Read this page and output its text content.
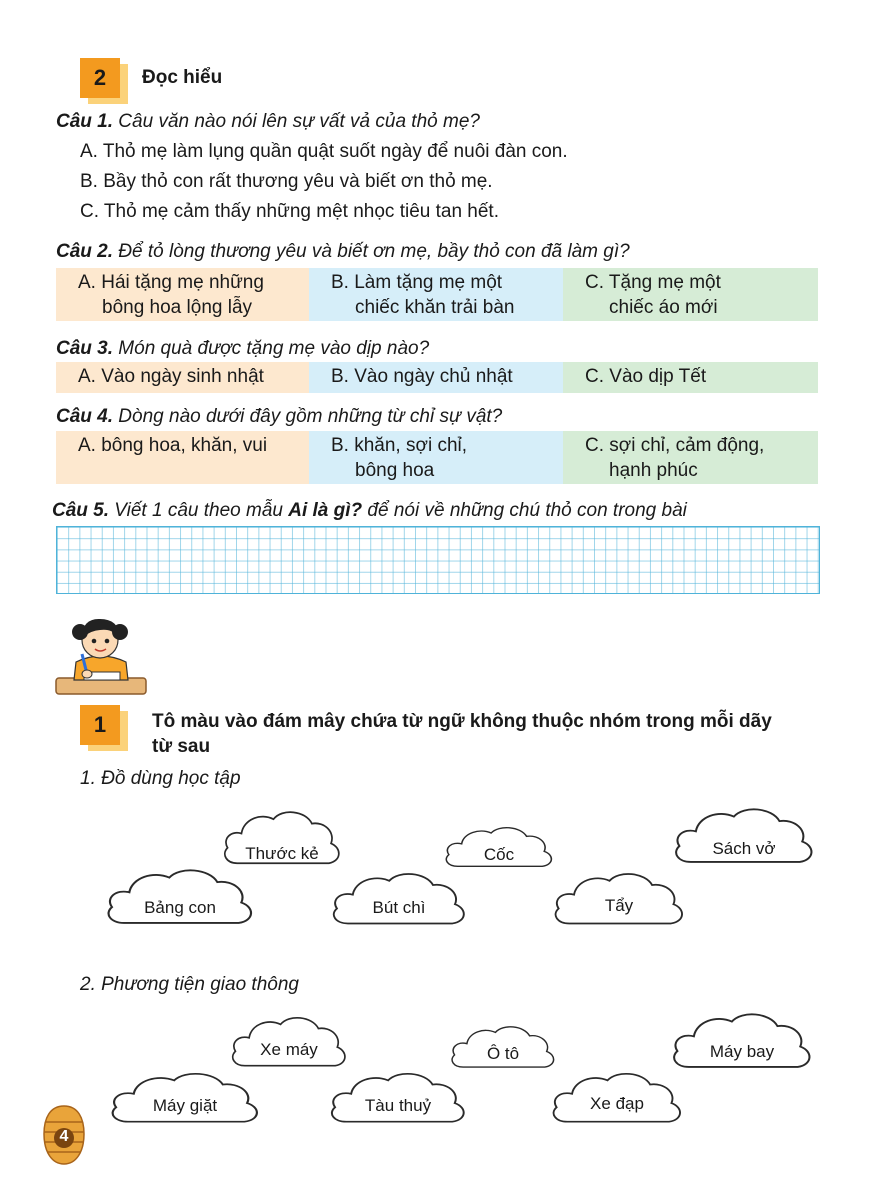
2	Đọc hiểu
Câu 1. Câu văn nào nói lên sự vất vả của thỏ mẹ?
A. Thỏ mẹ làm lụng quần quật suốt ngày để nuôi đàn con.
B. Bầy thỏ con rất thương yêu và biết ơn thỏ mẹ.
C. Thỏ mẹ cảm thấy những mệt nhọc tiêu tan hết.
Câu 2. Để tỏ lòng thương yêu và biết ơn mẹ, bầy thỏ con đã làm gì?
A. Hái tặng mẹ những
bông hoa lộng lẫy
B. Làm tặng mẹ một
chiếc khăn trải bàn
C. Tặng mẹ một
chiếc áo mới
Câu 3. Món quà được tặng mẹ vào dịp nào?
A. Vào ngày sinh nhật	B. Vào ngày chủ nhật	C. Vào dịp Tết
Câu 4. Dòng nào dưới đây gồm những từ chỉ sự vật?
A. bông hoa, khăn, vui	B. khăn, sợi chỉ,
bông hoa
C. sợi chỉ, cảm động,
hạnh phúc
Câu 5. Viết 1 câu theo mẫu Ai là gì? để nói về những chú thỏ con trong bài
1	Tô màu vào đám mây chứa từ ngữ không thuộc nhóm trong mỗi dãy
từ sau
1. Đồ dùng học tập
Thước kẻ	Cốc	Sách vở
Bảng con	Bút chì	Tẩy
2. Phương tiện giao thông
Xe máy	Ô tô	Máy bay
Máy giặt	Tàu thuỷ	Xe đạp
4
